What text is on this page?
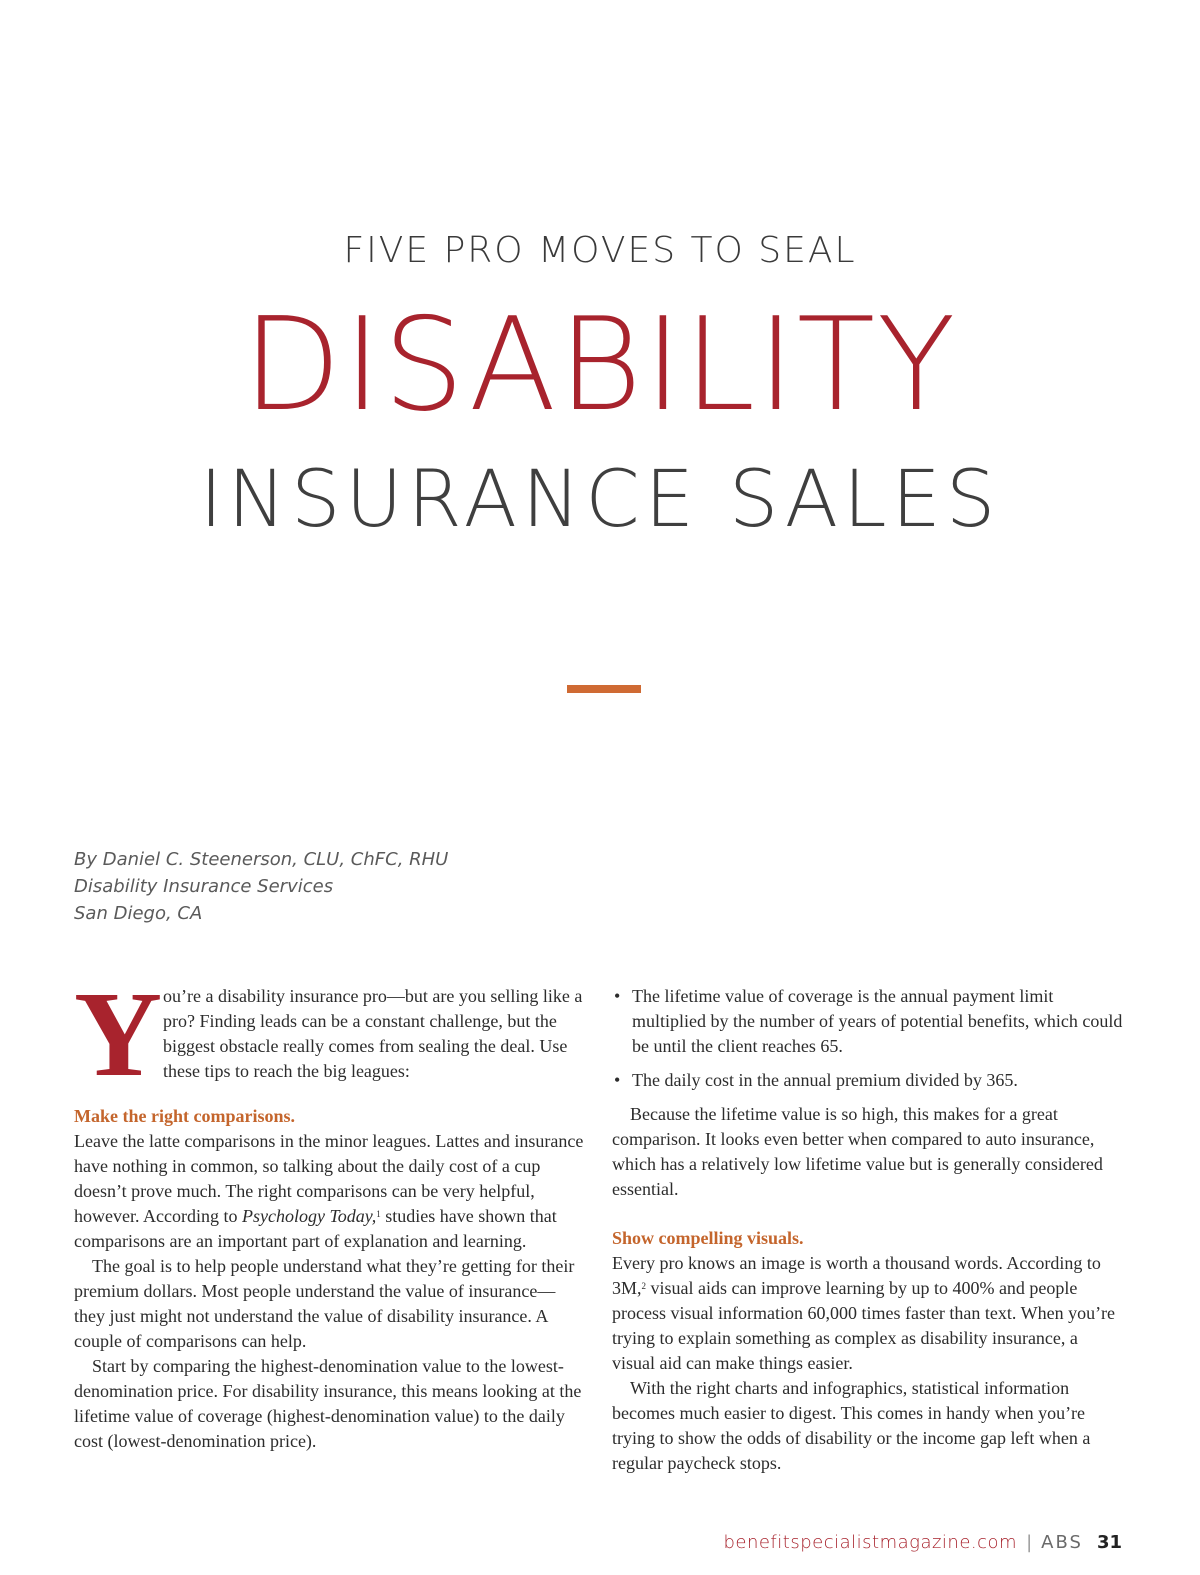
FIVE PRO MOVES TO SEAL
DISABILITY
INSURANCE SALES
By Daniel C. Steenerson, CLU, ChFC, RHU
Disability Insurance Services
San Diego, CA
Y ou’re a disability insurance pro—but are you selling like a pro? Finding leads can be a constant challenge, but the biggest obstacle really comes from sealing the deal. Use these tips to reach the big leagues:
Make the right comparisons.

Leave the latte comparisons in the minor leagues. Lattes and insurance have nothing in common, so talking about the daily cost of a cup doesn’t prove much. The right comparisons can be very helpful, however. According to Psychology Today,$^1$ studies have shown that comparisons are an important part of explanation and learning.

The goal is to help people understand what they’re getting for their premium dollars. Most people understand the value of insurance—they just might not understand the value of disability insurance. A couple of comparisons can help.

Start by comparing the highest-denomination value to the lowest-denomination price. For disability insurance, this means looking at the lifetime value of coverage (highest-denomination value) to the daily cost (lowest-denomination price).

• The lifetime value of coverage is the annual payment limit multiplied by the number of years of potential benefits, which could be until the client reaches 65.
• The daily cost in the annual premium divided by 365.

Because the lifetime value is so high, this makes for a great comparison. It looks even better when compared to auto insurance, which has a relatively low lifetime value but is generally considered essential.

Show compelling visuals.

Every pro knows an image is worth a thousand words. According to 3M,$^2$ visual aids can improve learning by up to 400% and people process visual information 60,000 times faster than text. When you’re trying to explain something as complex as disability insurance, a visual aid can make things easier.

With the right charts and infographics, statistical information becomes much easier to digest. This comes in handy when you’re trying to show the odds of disability or the income gap left when a regular paycheck stops.

benefitspecialistmagazine.com | ABS 31
